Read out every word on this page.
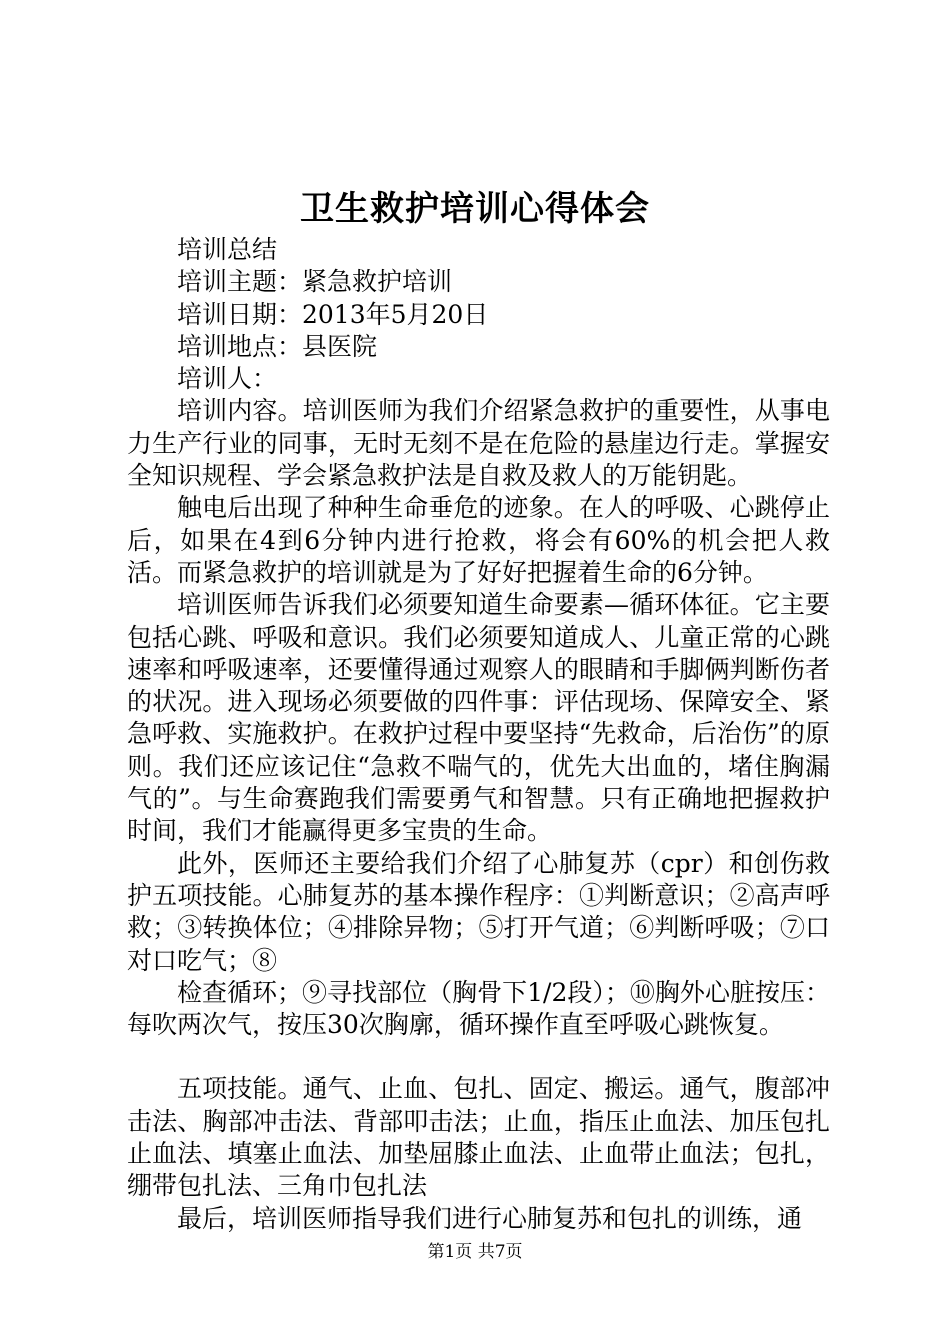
卫生救护培训心得体会

培训总结

培训主题：紧急救护培训

培训日期：2013年5月20日

培训地点：县医院

培训人：

培训内容。培训医师为我们介绍紧急救护的重要性，从事电力生产行业的同事，无时无刻不是在危险的悬崖边行走。掌握安全知识规程、学会紧急救护法是自救及救人的万能钥匙。

触电后出现了种种生命垂危的迹象。在人的呼吸、心跳停止后，如果在4到6分钟内进行抢救，将会有60%的机会把人救活。而紧急救护的培训就是为了好好把握着生命的6分钟。

培训医师告诉我们必须要知道生命要素—循环体征。它主要包括心跳、呼吸和意识。我们必须要知道成人、儿童正常的心跳速率和呼吸速率，还要懂得通过观察人的眼睛和手脚俩判断伤者的状况。进入现场必须要做的四件事：评估现场、保障安全、紧急呼救、实施救护。在救护过程中要坚持“先救命，后治伤”的原则。我们还应该记住“急救不喘气的，优先大出血的，堵住胸漏气的”。与生命赛跑我们需要勇气和智慧。只有正确地把握救护时间，我们才能赢得更多宝贵的生命。

此外，医师还主要给我们介绍了心肺复苏（cpr）和创伤救护五项技能。心肺复苏的基本操作程序：①判断意识；②高声呼救；③转换体位；④排除异物；⑤打开气道；⑥判断呼吸；⑦口对口吃气；⑧

检查循环；⑨寻找部位（胸骨下1/2段）；⑩胸外心脏按压：每吹两次气，按压30次胸廓，循环操作直至呼吸心跳恢复。

五项技能。通气、止血、包扎、固定、搬运。通气，腹部冲击法、胸部冲击法、背部叩击法；止血，指压止血法、加压包扎止血法、填塞止血法、加垫屈膝止血法、止血带止血法；包扎，绷带包扎法、三角巾包扎法

最后，培训医师指导我们进行心肺复苏和包扎的训练，通

第1页 共7页
